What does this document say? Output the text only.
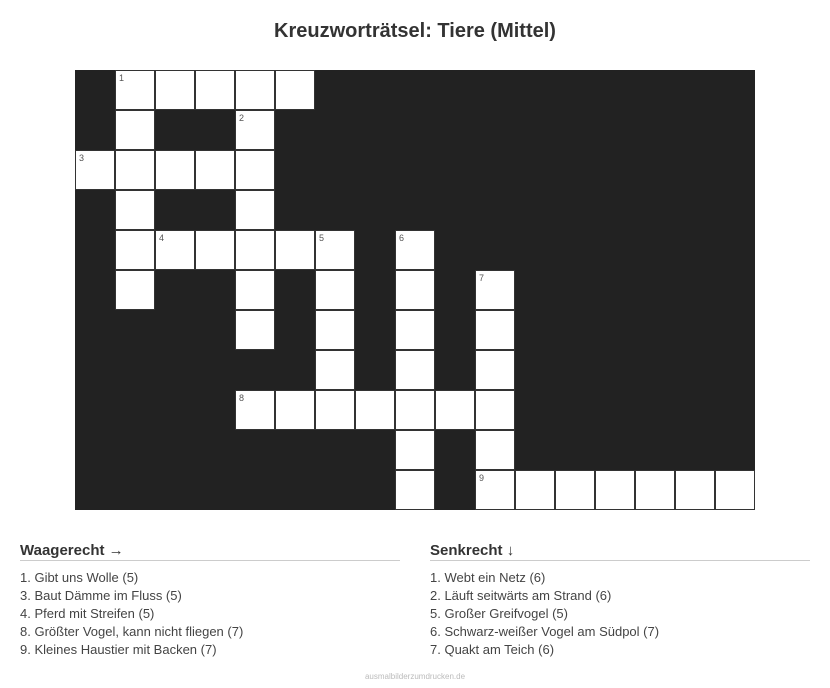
Kreuzworträtsel: Tiere (Mittel)
1
2
3
4	5	6
7
8
9
Waagerecht →
1. Gibt uns Wolle (5)
3. Baut Dämme im Fluss (5)
4. Pferd mit Streifen (5)
8. Größter Vogel, kann nicht fliegen (7)
9. Kleines Haustier mit Backen (7)
Senkrecht ↓
1. Webt ein Netz (6)
2. Läuft seitwärts am Strand (6)
5. Großer Greifvogel (5)
6. Schwarz-weißer Vogel am Südpol (7)
7. Quakt am Teich (6)
ausmalbilderzumdrucken.de
